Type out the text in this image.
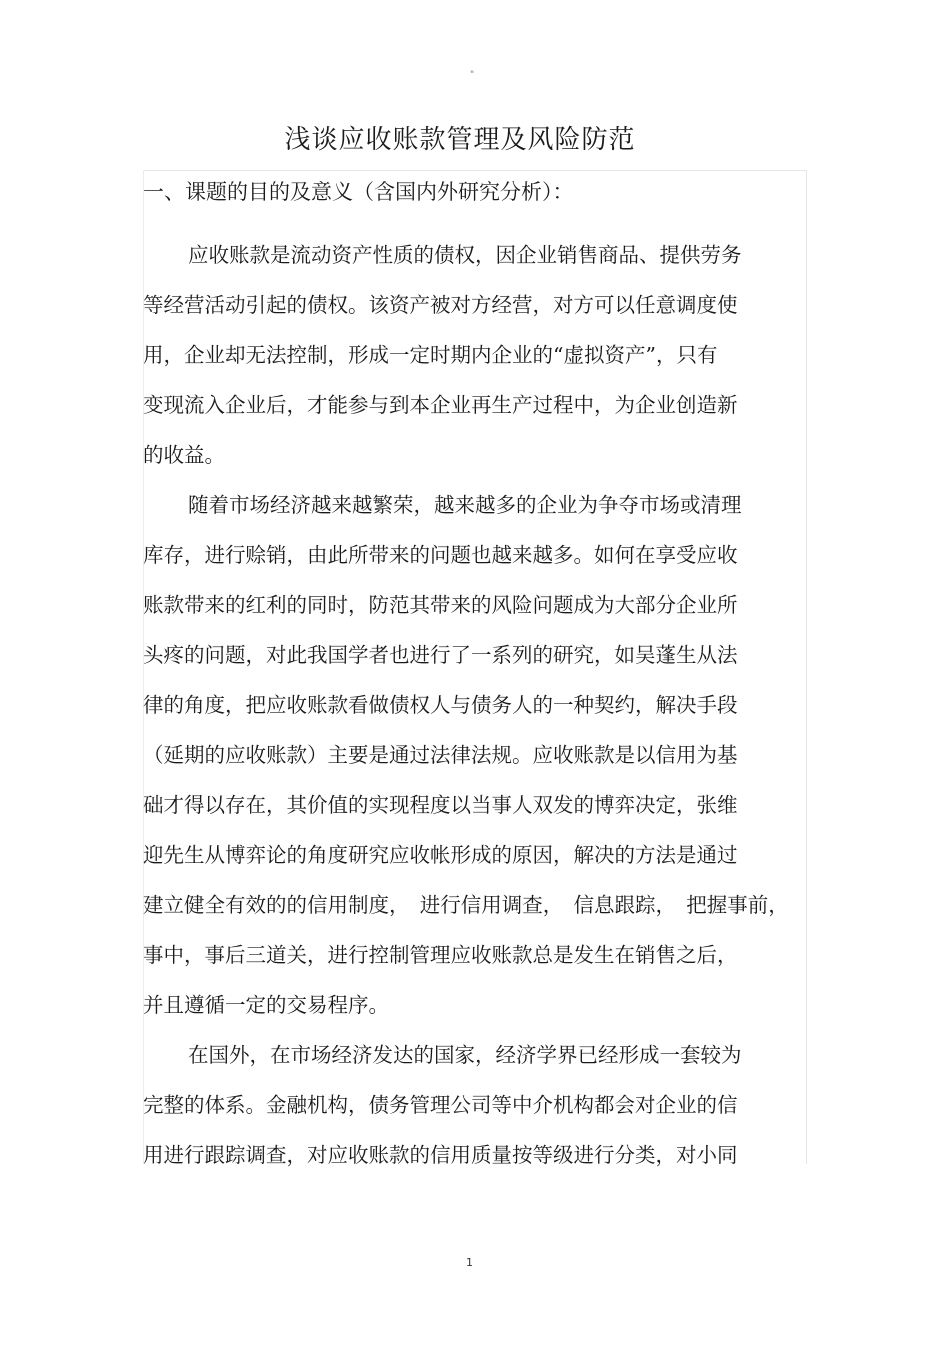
"
浅谈应收账款管理及风险防范
一、课题的目的及意义（含国内外研究分析）：
应收账款是流动资产性质的债权，因企业销售商品、提供劳务
等经营活动引起的债权。该资产被对方经营，对方可以任意调度使
用，企业却无法控制，形成一定时期内企业的“虚拟资产”，只有
变现流入企业后，才能参与到本企业再生产过程中，为企业创造新
的收益。
随着市场经济越来越繁荣，越来越多的企业为争夺市场或清理
库存，进行赊销，由此所带来的问题也越来越多。如何在享受应收
账款带来的红利的同时，防范其带来的风险问题成为大部分企业所
头疼的问题，对此我国学者也进行了一系列的研究，如吴蓬生从法
律的角度，把应收账款看做债权人与债务人的一种契约，解决手段
（延期的应收账款）主要是通过法律法规。应收账款是以信用为基
础才得以存在，其价值的实现程度以当事人双发的博弈决定，张维
迎先生从博弈论的角度研究应收帐形成的原因，解决的方法是通过
建立健全有效的的信用制度，　进行信用调查，　信息跟踪，　把握事前，
事中，事后三道关，进行控制管理应收账款总是发生在销售之后，
并且遵循一定的交易程序。
在国外，在市场经济发达的国家，经济学界已经形成一套较为
完整的体系。金融机构，债务管理公司等中介机构都会对企业的信
用进行跟踪调查，对应收账款的信用质量按等级进行分类，对小同
1
